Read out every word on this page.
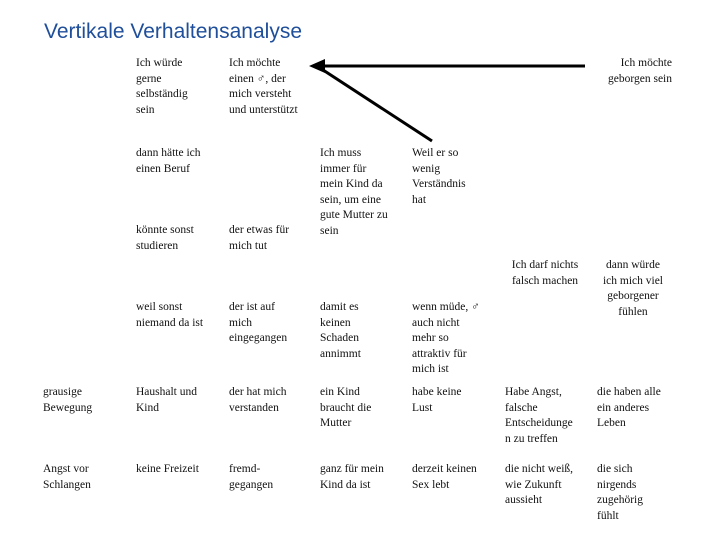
Vertikale Verhaltensanalyse
Ich würde
gerne
selbständig
sein
Ich möchte
einen ♂, der
mich versteht
und unterstützt
Ich möchte
geborgen sein
dann hätte ich
einen Beruf
Ich muss
immer für
mein Kind da
sein, um eine
gute Mutter zu
sein
Weil er so
wenig
Verständnis
hat
könnte sonst
studieren
der etwas für
mich tut
Ich darf nichts
falsch machen
dann würde
ich mich viel
geborgener
fühlen
weil sonst
niemand da ist
der ist auf
mich
eingegangen
damit es
keinen
Schaden
annimmt
wenn müde, ♂
auch nicht
mehr so
attraktiv für
mich ist
grausige
Bewegung
Haushalt und
Kind
der hat mich
verstanden
ein Kind
braucht die
Mutter
habe keine
Lust
Habe Angst,
falsche
Entscheidunge
n zu treffen
die haben alle
ein anderes
Leben
Angst vor
Schlangen
keine Freizeit	fremd-
gegangen
ganz für mein
Kind da ist
derzeit keinen
Sex lebt
die nicht weiß,
wie Zukunft
aussieht
die sich
nirgends
zugehörig
fühlt
